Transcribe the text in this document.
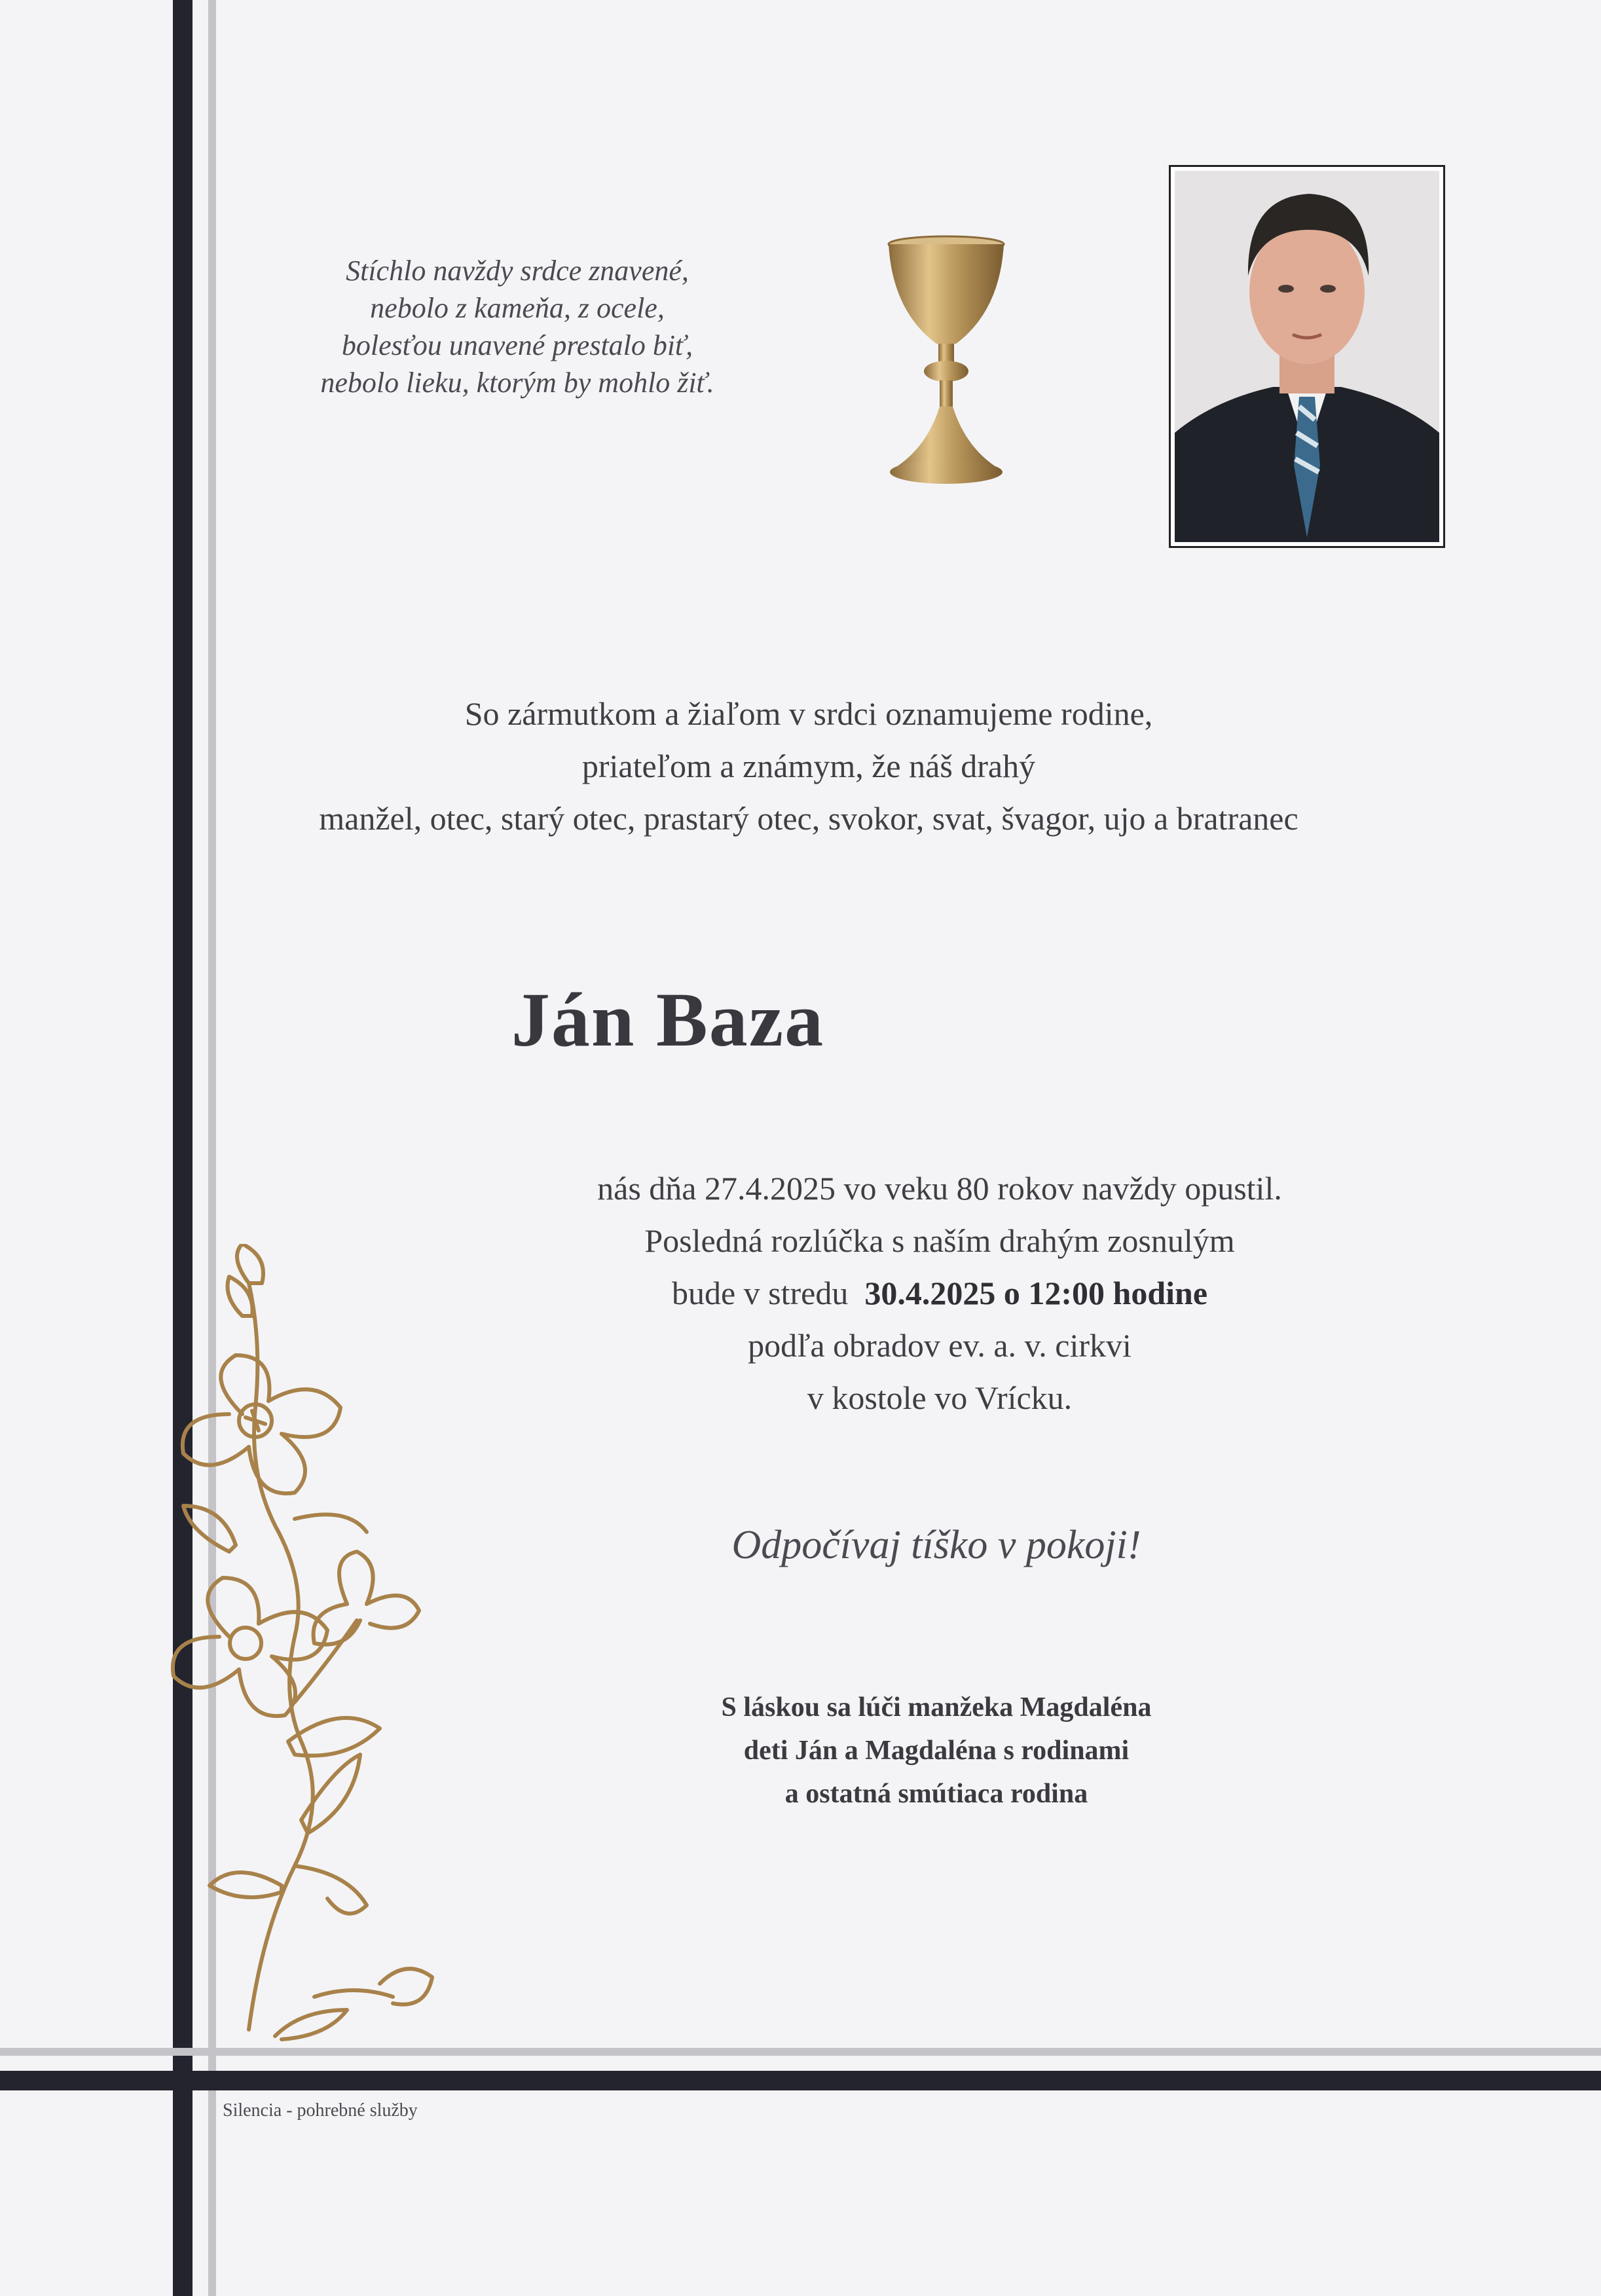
Stíchlo navždy srdce znavené,
nebolo z kameňa, z ocele,
bolesťou unavené prestalo biť,
nebolo lieku, ktorým by mohlo žiť.
So zármutkom a žiaľom v srdci oznamujeme rodine,
priateľom a známym, že náš drahý
manžel, otec, starý otec, prastarý otec, svokor, svat, švagor, ujo a bratranec
Ján Baza
nás dňa 27.4.2025 vo veku 80 rokov navždy opustil.
Posledná rozlúčka s naším drahým zosnulým
bude v stredu 30.4.2025 o 12:00 hodine
podľa obradov ev. a. v. cirkvi
v kostole vo Vrícku.
Odpočívaj tíško v pokoji!
S láskou sa lúči manžeka Magdaléna
deti Ján a Magdaléna s rodinami
a ostatná smútiaca rodina
Silencia - pohrebné služby
